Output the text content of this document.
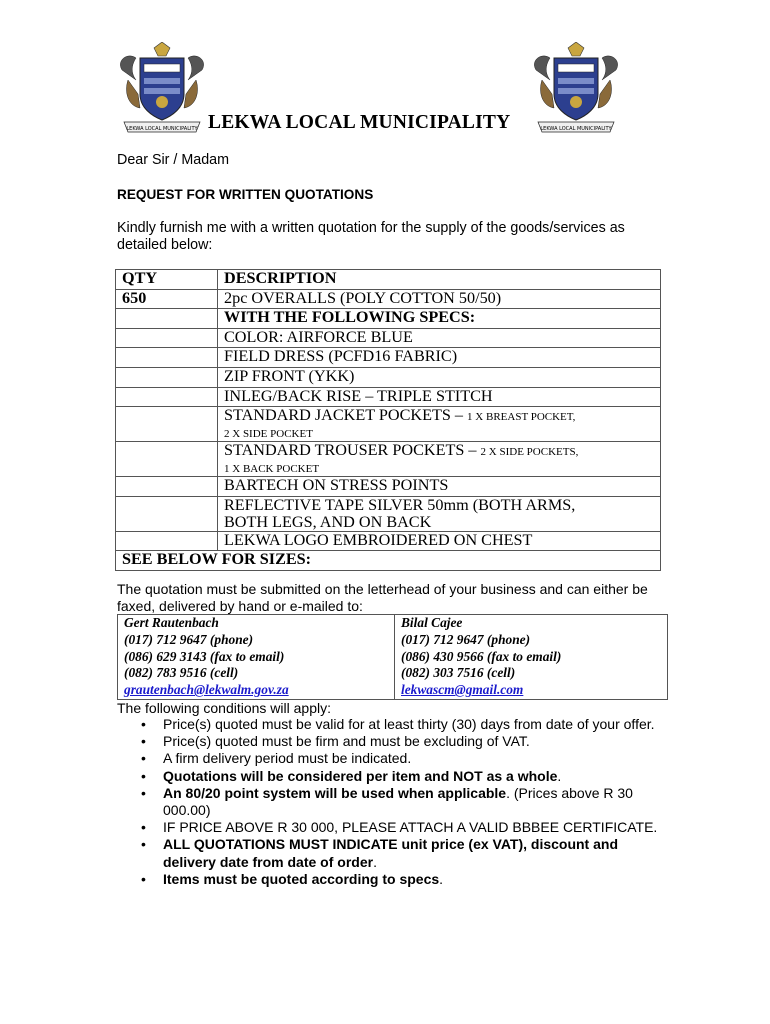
LEKWA LOCAL MUNICIPALITY	LEKWA LOCAL MUNICIPALITY
LEKWA LOCAL MUNICIPALITY
Dear Sir / Madam
REQUEST FOR WRITTEN QUOTATIONS
Kindly furnish me with a written quotation for the supply of the goods/services as detailed below:
QTY	DESCRIPTION
650	2pc OVERALLS (POLY COTTON 50/50)
	WITH THE FOLLOWING SPECS:
	COLOR: AIRFORCE BLUE
	FIELD DRESS (PCFD16 FABRIC)
	ZIP FRONT (YKK)
	INLEG/BACK RISE – TRIPLE STITCH
	STANDARD JACKET POCKETS – 1 X BREAST POCKET,
2 X SIDE POCKET
	STANDARD TROUSER POCKETS – 2 X SIDE POCKETS,
1 X BACK POCKET
	BARTECH ON STRESS POINTS
	REFLECTIVE TAPE SILVER 50mm (BOTH ARMS,
BOTH LEGS, AND ON BACK
	LEKWA LOGO EMBROIDERED ON CHEST
SEE BELOW FOR SIZES:	
The quotation must be submitted on the letterhead of your business and can either be faxed, delivered by hand or e-mailed to:
Gert Rautenbach
(017) 712 9647 (phone)
(086) 629 3143 (fax to email)
(082) 783 9516 (cell)
grautenbach@lekwalm.gov.za

Bilal Cajee
(017) 712 9647 (phone)
(086) 430 9566 (fax to email)
(082) 303 7516 (cell)
lekwascm@gmail.com
The following conditions will apply:
• Price(s) quoted must be valid for at least thirty (30) days from date of your offer.
• Price(s) quoted must be firm and must be excluding of VAT.
• A firm delivery period must be indicated.
• Quotations will be considered per item and NOT as a whole.
• An 80/20 point system will be used when applicable. (Prices above R 30 000.00)
• IF PRICE ABOVE R 30 000, PLEASE ATTACH A VALID BBBEE CERTIFICATE.
• ALL QUOTATIONS MUST INDICATE unit price (ex VAT), discount and delivery date from date of order.
• Items must be quoted according to specs.
